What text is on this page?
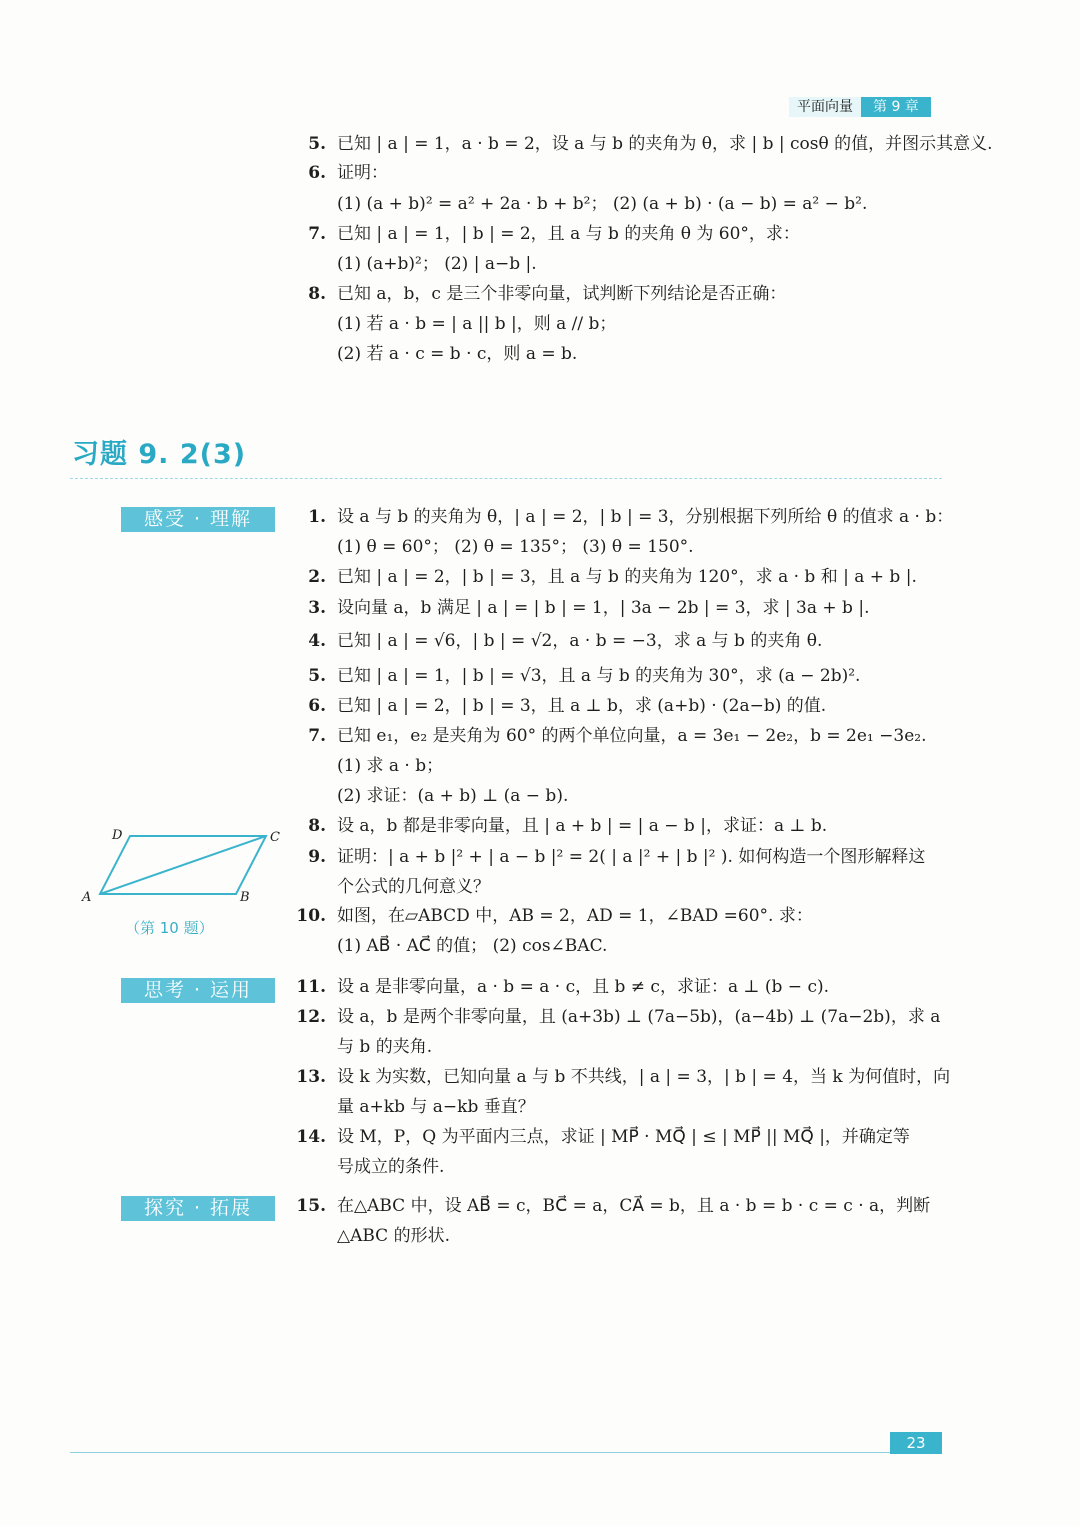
平面向量	第 9 章
5. 已知 | a | = 1，a · b = 2，设 a 与 b 的夹角为 θ，求 | b | cosθ 的值，并图示其意义.
6. 证明：
(1) (a + b)² = a² + 2a · b + b²； (2) (a + b) · (a − b) = a² − b².
7. 已知 | a | = 1，| b | = 2，且 a 与 b 的夹角 θ 为 60°，求：
(1) (a+b)²； (2) | a−b |.
8. 已知 a，b，c 是三个非零向量，试判断下列结论是否正确：
(1) 若 a · b = | a || b |，则 a // b；
(2) 若 a · c = b · c，则 a = b.
习题 9. 2(3)
感受 · 理解
思考 · 运用
探究 · 拓展
1. 设 a 与 b 的夹角为 θ，| a | = 2，| b | = 3，分别根据下列所给 θ 的值求 a · b：
(1) θ = 60°； (2) θ = 135°； (3) θ = 150°.
2. 已知 | a | = 2，| b | = 3，且 a 与 b 的夹角为 120°，求 a · b 和 | a + b |.
3. 设向量 a，b 满足 | a | = | b | = 1，| 3a − 2b | = 3，求 | 3a + b |.
4. 已知 | a | = √6，| b | = √2，a · b = −3，求 a 与 b 的夹角 θ.
5. 已知 | a | = 1，| b | = √3，且 a 与 b 的夹角为 30°，求 (a − 2b)².
6. 已知 | a | = 2，| b | = 3，且 a ⊥ b，求 (a+b) · (2a−b) 的值.
7. 已知 e₁，e₂ 是夹角为 60° 的两个单位向量，a = 3e₁ − 2e₂，b = 2e₁ −3e₂.
(1) 求 a · b；
(2) 求证：(a + b) ⊥ (a − b).
8. 设 a，b 都是非零向量，且 | a + b | = | a − b |，求证：a ⊥ b.
9. 证明：| a + b |² + | a − b |² = 2( | a |² + | b |² ). 如何构造一个图形解释这
个公式的几何意义？
10. 如图，在▱ABCD 中，AB = 2，AD = 1，∠BAD =60°. 求：
(1) AB⃗ · AC⃗ 的值； (2) cos∠BAC.
11. 设 a 是非零向量，a · b = a · c，且 b ≠ c，求证：a ⊥ (b − c).
12. 设 a，b 是两个非零向量，且 (a+3b) ⊥ (7a−5b)，(a−4b) ⊥ (7a−2b)，求 a
与 b 的夹角.
13. 设 k 为实数，已知向量 a 与 b 不共线，| a | = 3，| b | = 4，当 k 为何值时，向
量 a+kb 与 a−kb 垂直？
14. 设 M，P，Q 为平面内三点，求证 | MP⃗ · MQ⃗ | ≤ | MP⃗ || MQ⃗ |，并确定等
号成立的条件.
15. 在△ABC 中，设 AB⃗ = c，BC⃗ = a，CA⃗ = b，且 a · b = b · c = c · a，判断
△ABC 的形状.
A	B
C
D
（第 10 题）
23
